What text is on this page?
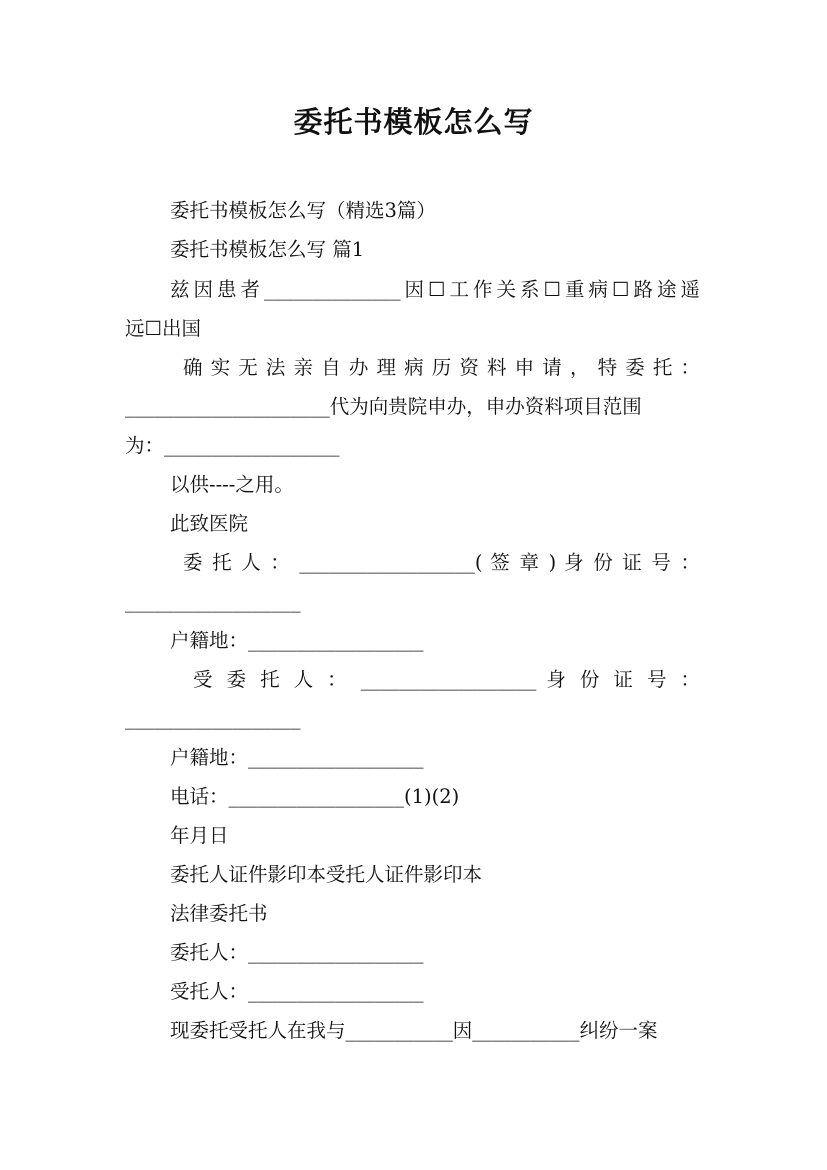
委托书模板怎么写
委托书模板怎么写（精选3篇）
委托书模板怎么写 篇1
兹因患者______________因☐工作关系☐重病☐路途遥
远☐出国
确 实 无 法 亲 自 办 理 病 历 资 料 申 请 ， 特 委 托 ：
_____________________代为向贵院申办，申办资料项目范围
为：__________________
以供----之用。
此致医院
委 托 人 ： __________________( 签 章 ) 身 份 证 号 ：
__________________
户籍地：__________________
受 委 托 人 ： __________________ 身 份 证 号 ：
__________________
户籍地：__________________
电话：__________________(1)(2)
年月日
委托人证件影印本受托人证件影印本
法律委托书
委托人：__________________
受托人：__________________
现委托受托人在我与___________因___________纠纷一案
